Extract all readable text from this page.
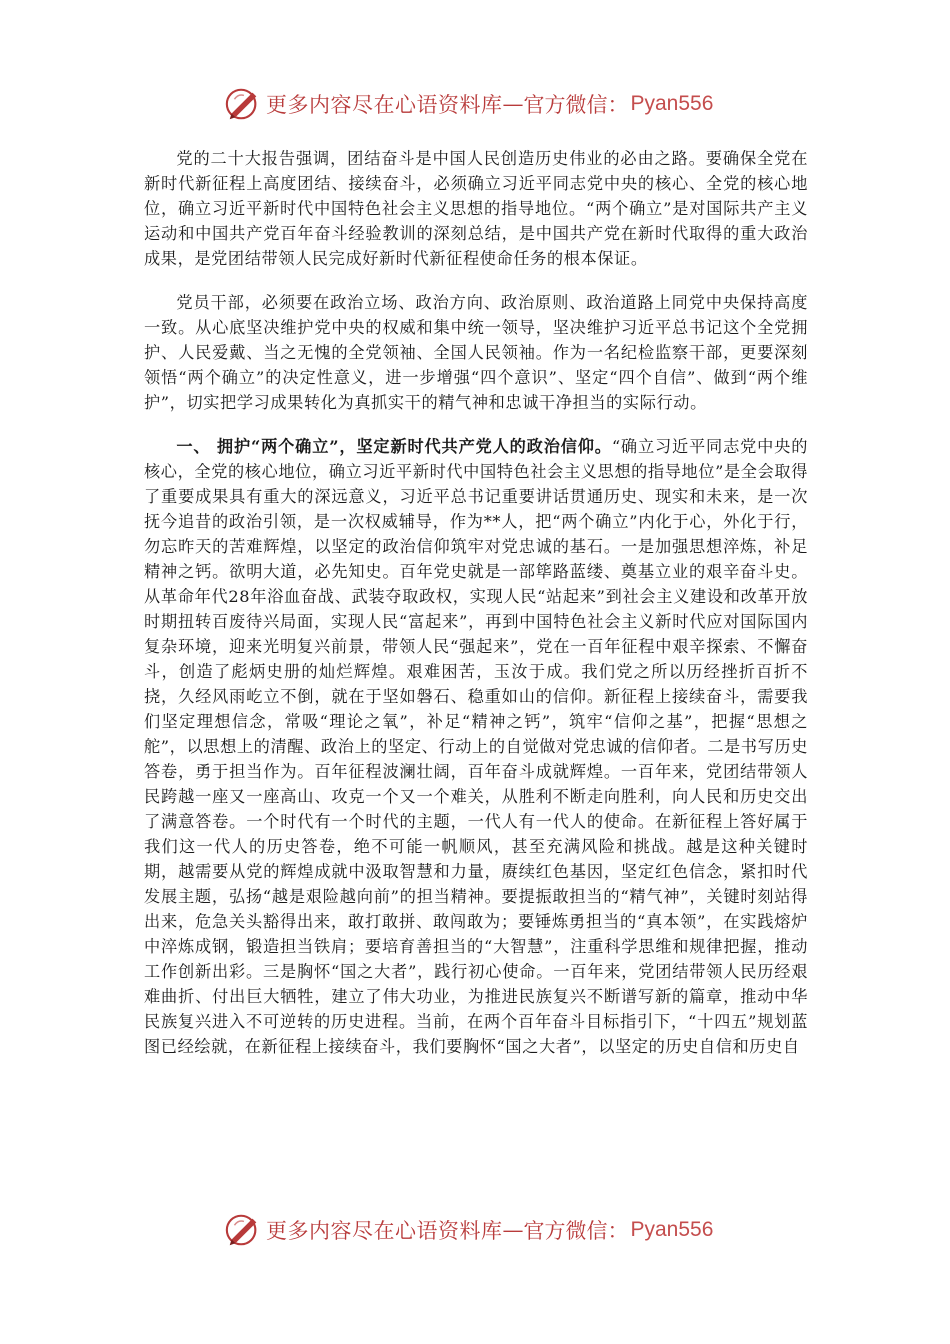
更多内容尽在心语资料库 — 官方微信： Pyan556

党的二十大报告强调，团结奋斗是中国人民创造历史伟业的必由之路。要确保全党在新时代新征程上高度团结、接续奋斗，必须确立习近平同志党中央的核心、全党的核心地位，确立习近平新时代中国特色社会主义思想的指导地位。“两个确立”是对国际共产主义运动和中国共产党百年奋斗经验教训的深刻总结，是中国共产党在新时代取得的重大政治成果，是党团结带领人民完成好新时代新征程使命任务的根本保证。

党员干部，必须要在政治立场、政治方向、政治原则、政治道路上同党中央保持高度一致。从心底坚决维护党中央的权威和集中统一领导，坚决维护习近平总书记这个全党拥护、人民爱戴、当之无愧的全党领袖、全国人民领袖。作为一名纪检监察干部，更要深刻领悟“两个确立”的决定性意义，进一步增强“四个意识”、坚定“四个自信”、做到“两个维护”，切实把学习成果转化为真抓实干的精气神和忠诚干净担当的实际行动。

一、 拥护“两个确立”，坚定新时代共产党人的政治信仰。“确立习近平同志党中央的核心，全党的核心地位，确立习近平新时代中国特色社会主义思想的指导地位”是全会取得了重要成果具有重大的深远意义，习近平总书记重要讲话贯通历史、现实和未来，是一次抚今追昔的政治引领，是一次权威辅导，作为**人，把“两个确立”内化于心，外化于行，勿忘昨天的苦难辉煌，以坚定的政治信仰筑牢对党忠诚的基石。一是加强思想淬炼，补足精神之钙。欲明大道，必先知史。百年党史就是一部筚路蓝缕、奠基立业的艰辛奋斗史。从革命年代28年浴血奋战、武装夺取政权，实现人民“站起来”到社会主义建设和改革开放时期扭转百废待兴局面，实现人民“富起来”，再到中国特色社会主义新时代应对国际国内复杂环境，迎来光明复兴前景，带领人民“强起来”，党在一百年征程中艰辛探索、不懈奋斗，创造了彪炳史册的灿烂辉煌。艰难困苦，玉汝于成。我们党之所以历经挫折百折不挠，久经风雨屹立不倒，就在于坚如磐石、稳重如山的信仰。新征程上接续奋斗，需要我们坚定理想信念，常吸“理论之氧”，补足“精神之钙”，筑牢“信仰之基”，把握“思想之舵”，以思想上的清醒、政治上的坚定、行动上的自觉做对党忠诚的信仰者。二是书写历史答卷，勇于担当作为。百年征程波澜壮阔，百年奋斗成就辉煌。一百年来，党团结带领人民跨越一座又一座高山、攻克一个又一个难关，从胜利不断走向胜利，向人民和历史交出了满意答卷。一个时代有一个时代的主题，一代人有一代人的使命。在新征程上答好属于我们这一代人的历史答卷，绝不可能一帆顺风，甚至充满风险和挑战。越是这种关键时期，越需要从党的辉煌成就中汲取智慧和力量，赓续红色基因，坚定红色信念，紧扣时代发展主题，弘扬“越是艰险越向前”的担当精神。要提振敢担当的“精气神”，关键时刻站得出来，危急关头豁得出来，敢打敢拼、敢闯敢为；要锤炼勇担当的“真本领”，在实践熔炉中淬炼成钢，锻造担当铁肩；要培育善担当的“大智慧”，注重科学思维和规律把握，推动工作创新出彩。三是胸怀“国之大者”，践行初心使命。一百年来，党团结带领人民历经艰难曲折、付出巨大牺牲，建立了伟大功业，为推进民族复兴不断谱写新的篇章，推动中华民族复兴进入不可逆转的历史进程。当前，在两个百年奋斗目标指引下，“十四五”规划蓝图已经绘就，在新征程上接续奋斗，我们要胸怀“国之大者”，以坚定的历史自信和历史自

更多内容尽在心语资料库 — 官方微信： Pyan556
